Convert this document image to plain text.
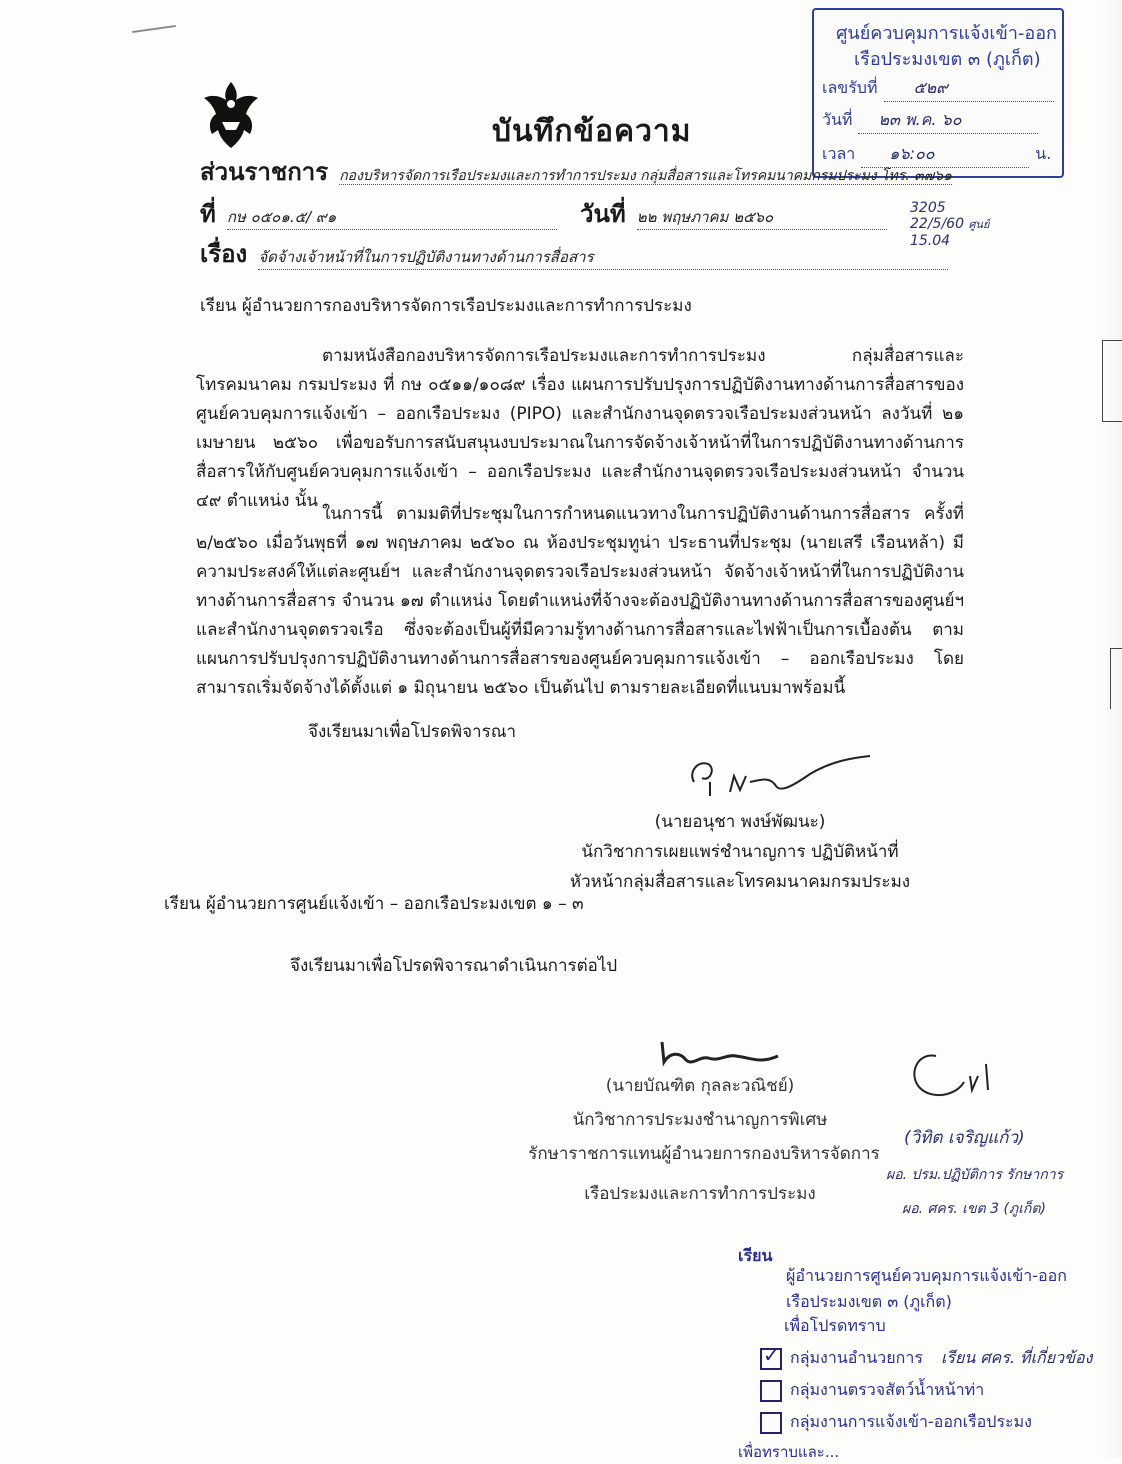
บันทึกข้อความ
ศูนย์ควบคุมการแจ้งเข้า-ออก
เรือประมงเขต ๓ (ภูเก็ต)
เลขรับที่ ๕๒๙
วันที่ ๒๓ พ.ค. ๖๐
เวลา ๑๖:๐๐	น.
ส่วนราชการ กองบริหารจัดการเรือประมงและการทำการประมง กลุ่มสื่อสารและโทรคมนาคมกรมประมง โทร. ๓๗๖๑
ที่ กษ ๐๕๐๑.๕/ ๙๑	วันที่ ๒๒ พฤษภาคม ๒๕๖๐
เรื่อง จัดจ้างเจ้าหน้าที่ในการปฏิบัติงานทางด้านการสื่อสาร
3205
22/5/60 ศูนย์
15.04
เรียน ผู้อำนวยการกองบริหารจัดการเรือประมงและการทำการประมง
ตามหนังสือกองบริหารจัดการเรือประมงและการทำการประมง กลุ่มสื่อสารและโทรคมนาคม กรมประมง ที่ กษ ๐๕๑๑/๑๐๘๙ เรื่อง แผนการปรับปรุงการปฏิบัติงานทางด้านการสื่อสารของศูนย์ควบคุมการแจ้งเข้า – ออกเรือประมง (PIPO) และสำนักงานจุดตรวจเรือประมงส่วนหน้า ลงวันที่ ๒๑ เมษายน ๒๕๖๐ เพื่อขอรับการสนับสนุนงบประมาณในการจัดจ้างเจ้าหน้าที่ในการปฏิบัติงานทางด้านการสื่อสารให้กับศูนย์ควบคุมการแจ้งเข้า – ออกเรือประมง และสำนักงานจุดตรวจเรือประมงส่วนหน้า จำนวน ๔๙ ตำแหน่ง นั้น
ในการนี้ ตามมติที่ประชุมในการกำหนดแนวทางในการปฏิบัติงานด้านการสื่อสาร ครั้งที่ ๒/๒๕๖๐ เมื่อวันพุธที่ ๑๗ พฤษภาคม ๒๕๖๐ ณ ห้องประชุมทูน่า ประธานที่ประชุม (นายเสรี เรือนหล้า) มีความประสงค์ให้แต่ละศูนย์ฯ และสำนักงานจุดตรวจเรือประมงส่วนหน้า จัดจ้างเจ้าหน้าที่ในการปฏิบัติงานทางด้านการสื่อสาร จำนวน ๑๗ ตำแหน่ง โดยตำแหน่งที่จ้างจะต้องปฏิบัติงานทางด้านการสื่อสารของศูนย์ฯ และสำนักงานจุดตรวจเรือ ซึ่งจะต้องเป็นผู้ที่มีความรู้ทางด้านการสื่อสารและไฟฟ้าเป็นการเบื้องต้น ตามแผนการปรับปรุงการปฏิบัติงานทางด้านการสื่อสารของศูนย์ควบคุมการแจ้งเข้า – ออกเรือประมง โดยสามารถเริ่มจัดจ้างได้ตั้งแต่ ๑ มิถุนายน ๒๕๖๐ เป็นต้นไป ตามรายละเอียดที่แนบมาพร้อมนี้
จึงเรียนมาเพื่อโปรดพิจารณา
(นายอนุชา พงษ์พัฒนะ)
นักวิชาการเผยแพร่ชำนาญการ ปฏิบัติหน้าที่
หัวหน้ากลุ่มสื่อสารและโทรคมนาคมกรมประมง
เรียน ผู้อำนวยการศูนย์แจ้งเข้า – ออกเรือประมงเขต ๑ – ๓
จึงเรียนมาเพื่อโปรดพิจารณาดำเนินการต่อไป
(นายบัณฑิต กุลละวณิชย์)
นักวิชาการประมงชำนาญการพิเศษ
รักษาราชการแทนผู้อำนวยการกองบริหารจัดการ
เรือประมงและการทำการประมง
(วิทิต เจริญแก้ว)
ผอ. ปรม.ปฏิบัติการ รักษาการ
ผอ. ศคร. เขต 3 (ภูเก็ต)
เรียน
ผู้อำนวยการศูนย์ควบคุมการแจ้งเข้า-ออก
เรือประมงเขต ๓ (ภูเก็ต)
เพื่อโปรดทราบ
✓กลุ่มงานอำนวยการ เรียน ศคร. ที่เกี่ยวข้อง
กลุ่มงานตรวจสัตว์น้ำหน้าท่า
กลุ่มงานการแจ้งเข้า-ออกเรือประมง
เพื่อทราบและ...
